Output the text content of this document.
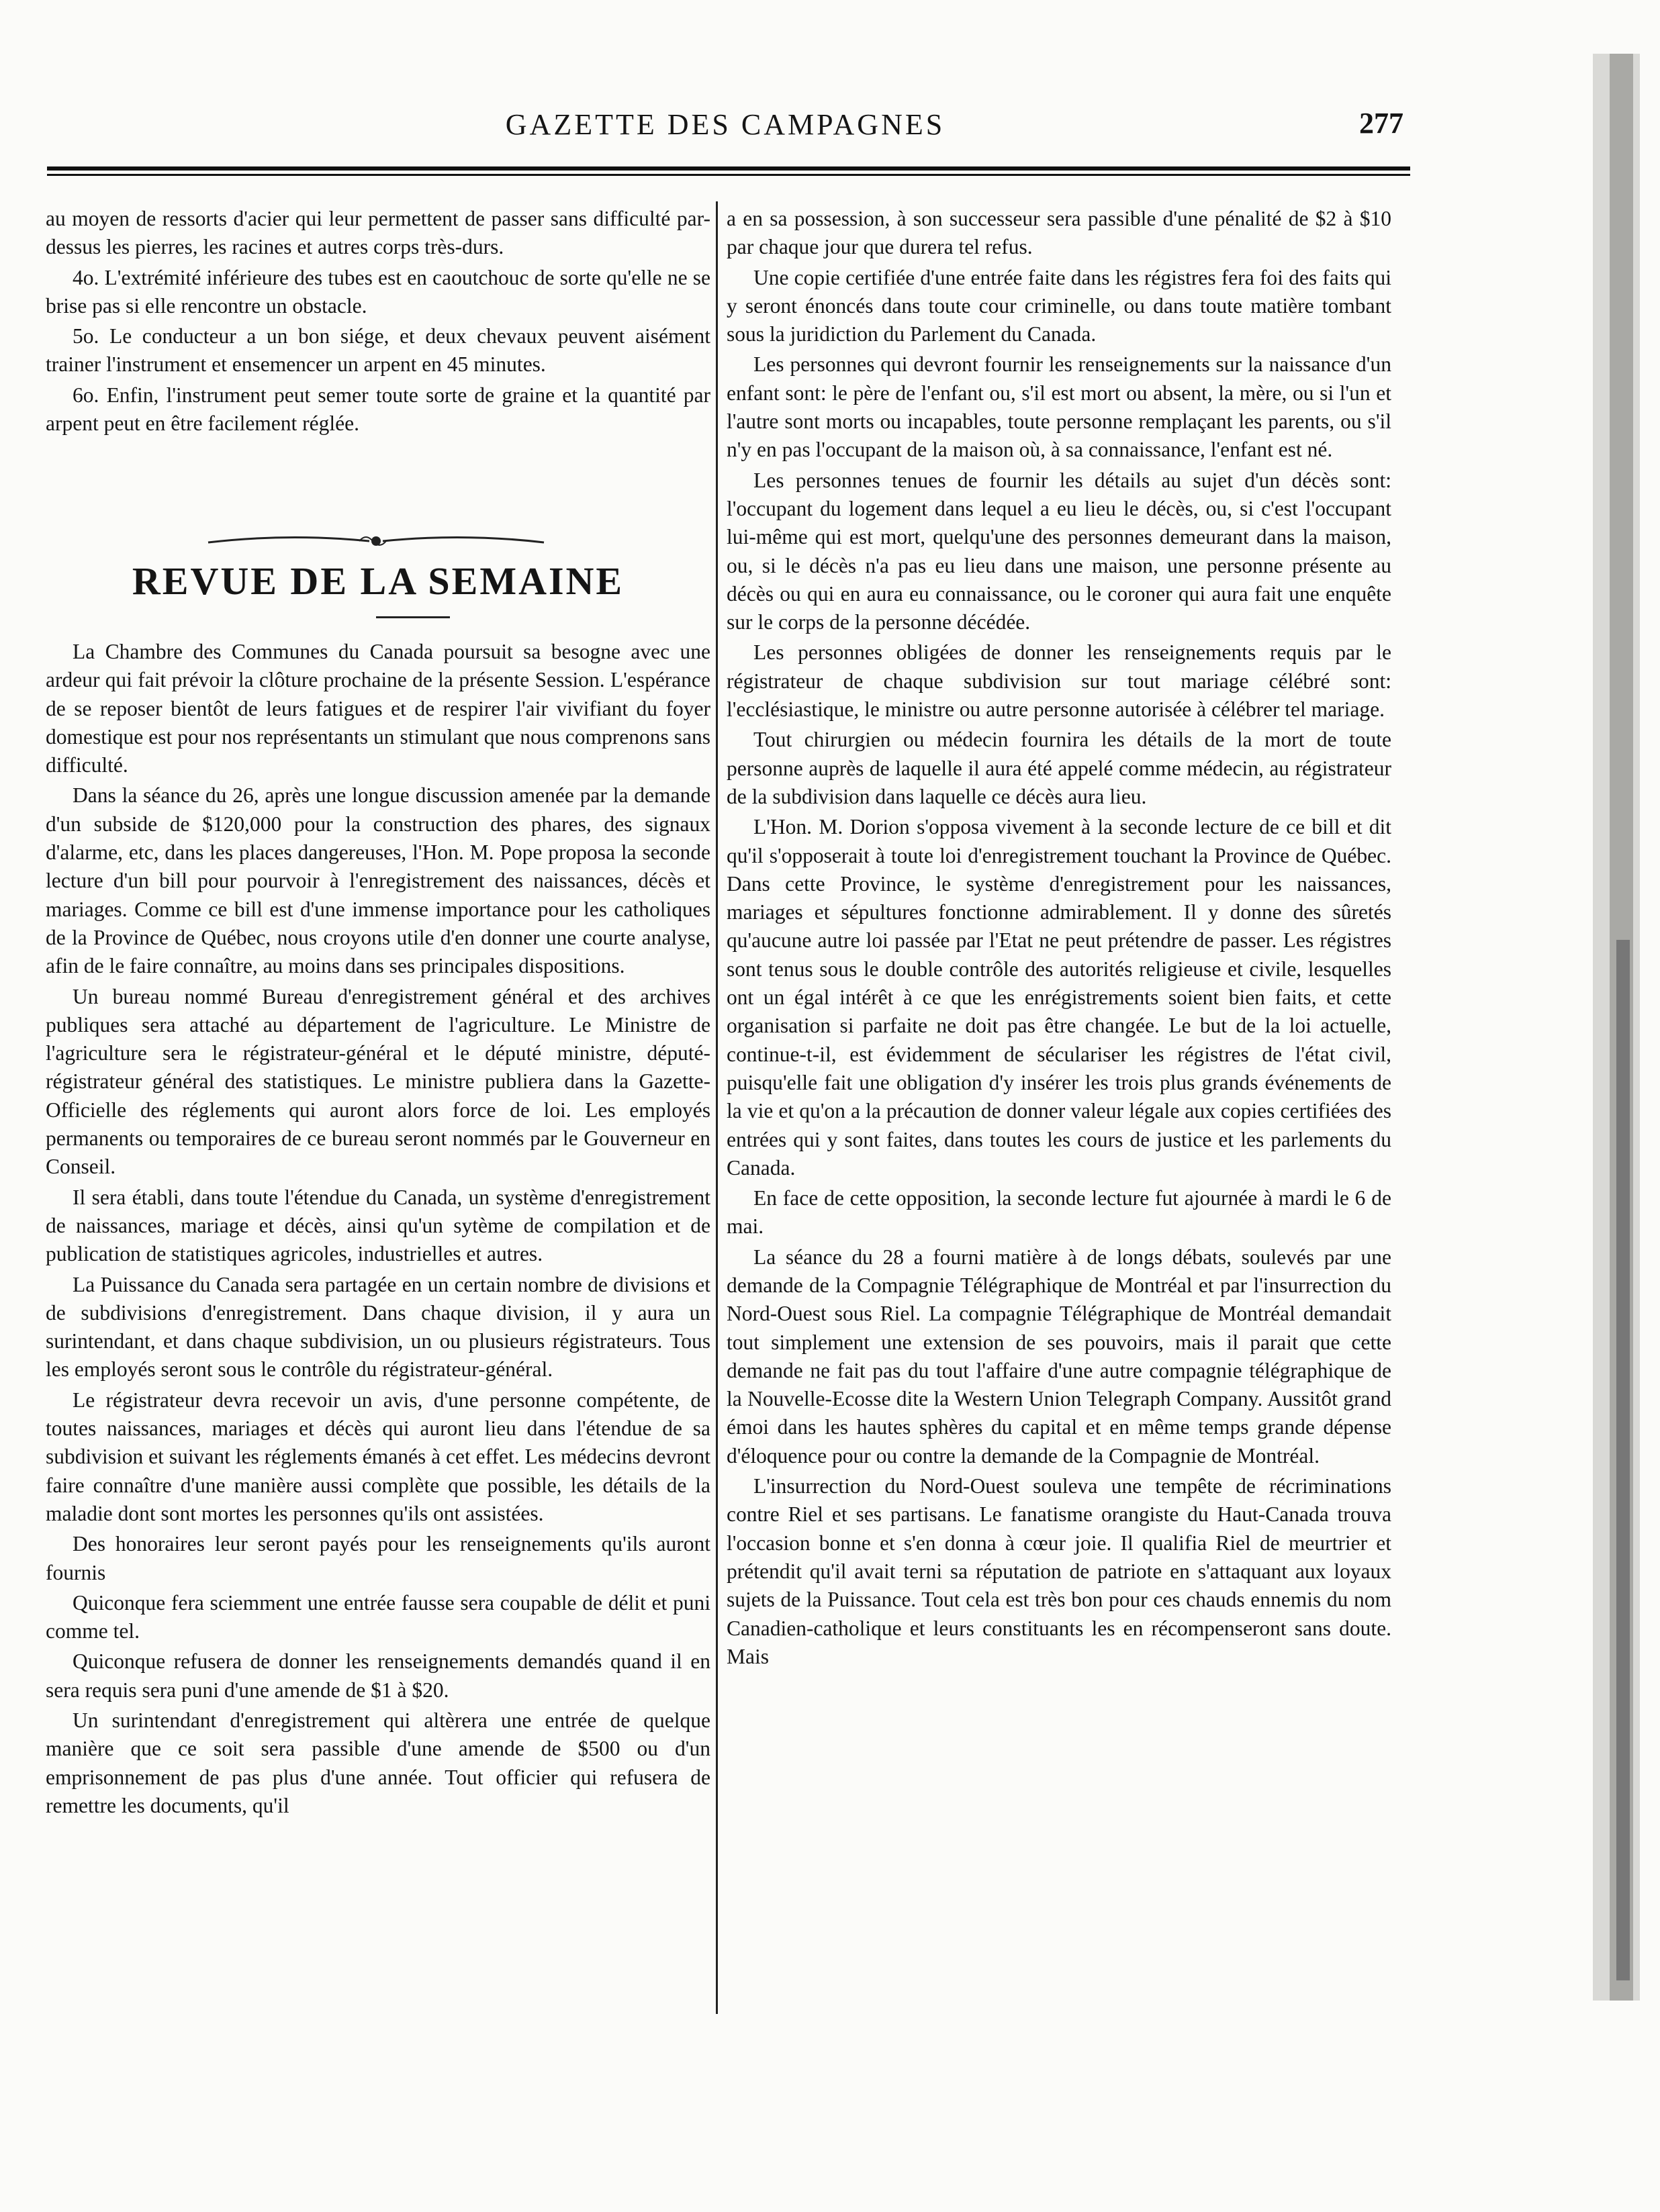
GAZETTE DES CAMPAGNES	277

au moyen de ressorts d'acier qui leur permettent de passer sans difficulté par-dessus les pierres, les racines et autres corps très-durs.

4o. L'extrémité inférieure des tubes est en caoutchouc de sorte qu'elle ne se brise pas si elle rencontre un obstacle.

5o. Le conducteur a un bon siége, et deux chevaux peuvent aisément trainer l'instrument et ensemencer un arpent en 45 minutes.

6o. Enfin, l'instrument peut semer toute sorte de graine et la quantité par arpent peut en être facilement réglée.

REVUE DE LA SEMAINE

La Chambre des Communes du Canada poursuit sa besogne avec une ardeur qui fait prévoir la clôture prochaine de la présente Session. L'espérance de se reposer bientôt de leurs fatigues et de respirer l'air vivifiant du foyer domestique est pour nos représentants un stimulant que nous comprenons sans difficulté.

Dans la séance du 26, après une longue discussion amenée par la demande d'un subside de $120,000 pour la construction des phares, des signaux d'alarme, etc, dans les places dangereuses, l'Hon. M. Pope proposa la seconde lecture d'un bill pour pourvoir à l'enregistrement des naissances, décès et mariages. Comme ce bill est d'une immense importance pour les catholiques de la Province de Québec, nous croyons utile d'en donner une courte analyse, afin de le faire connaître, au moins dans ses principales dispositions.

Un bureau nommé Bureau d'enregistrement général et des archives publiques sera attaché au département de l'agriculture. Le Ministre de l'agriculture sera le régistrateur-général et le député ministre, député-régistrateur général des statistiques. Le ministre publiera dans la Gazette-Officielle des réglements qui auront alors force de loi. Les employés permanents ou temporaires de ce bureau seront nommés par le Gouverneur en Conseil.

Il sera établi, dans toute l'étendue du Canada, un système d'enregistrement de naissances, mariage et décès, ainsi qu'un sytème de compilation et de publication de statistiques agricoles, industrielles et autres.

La Puissance du Canada sera partagée en un certain nombre de divisions et de subdivisions d'enregistrement. Dans chaque division, il y aura un surintendant, et dans chaque subdivision, un ou plusieurs régistrateurs. Tous les employés seront sous le contrôle du régistrateur-général.

Le régistrateur devra recevoir un avis, d'une personne compétente, de toutes naissances, mariages et décès qui auront lieu dans l'étendue de sa subdivision et suivant les réglements émanés à cet effet. Les médecins devront faire connaître d'une manière aussi complète que possible, les détails de la maladie dont sont mortes les personnes qu'ils ont assistées.

Des honoraires leur seront payés pour les renseignements qu'ils auront fournis

Quiconque fera sciemment une entrée fausse sera coupable de délit et puni comme tel.

Quiconque refusera de donner les renseignements demandés quand il en sera requis sera puni d'une amende de $1 à $20.

Un surintendant d'enregistrement qui altèrera une entrée de quelque manière que ce soit sera passible d'une amende de $500 ou d'un emprisonnement de pas plus d'une année. Tout officier qui refusera de remettre les documents, qu'il

a en sa possession, à son successeur sera passible d'une pénalité de $2 à $10 par chaque jour que durera tel refus.

Une copie certifiée d'une entrée faite dans les régistres fera foi des faits qui y seront énoncés dans toute cour criminelle, ou dans toute matière tombant sous la juridiction du Parlement du Canada.

Les personnes qui devront fournir les renseignements sur la naissance d'un enfant sont: le père de l'enfant ou, s'il est mort ou absent, la mère, ou si l'un et l'autre sont morts ou incapables, toute personne remplaçant les parents, ou s'il n'y en pas l'occupant de la maison où, à sa connaissance, l'enfant est né.

Les personnes tenues de fournir les détails au sujet d'un décès sont: l'occupant du logement dans lequel a eu lieu le décès, ou, si c'est l'occupant lui-même qui est mort, quelqu'une des personnes demeurant dans la maison, ou, si le décès n'a pas eu lieu dans une maison, une personne présente au décès ou qui en aura eu connaissance, ou le coroner qui aura fait une enquête sur le corps de la personne décédée.

Les personnes obligées de donner les renseignements requis par le régistrateur de chaque subdivision sur tout mariage célébré sont: l'ecclésiastique, le ministre ou autre personne autorisée à célébrer tel mariage.

Tout chirurgien ou médecin fournira les détails de la mort de toute personne auprès de laquelle il aura été appelé comme médecin, au régistrateur de la subdivision dans laquelle ce décès aura lieu.

L'Hon. M. Dorion s'opposa vivement à la seconde lecture de ce bill et dit qu'il s'opposerait à toute loi d'enregistrement touchant la Province de Québec. Dans cette Province, le système d'enregistrement pour les naissances, mariages et sépultures fonctionne admirablement. Il y donne des sûretés qu'aucune autre loi passée par l'Etat ne peut prétendre de passer. Les régistres sont tenus sous le double contrôle des autorités religieuse et civile, lesquelles ont un égal intérêt à ce que les enrégistrements soient bien faits, et cette organisation si parfaite ne doit pas être changée. Le but de la loi actuelle, continue-t-il, est évidemment de séculariser les régistres de l'état civil, puisqu'elle fait une obligation d'y insérer les trois plus grands événements de la vie et qu'on a la précaution de donner valeur légale aux copies certifiées des entrées qui y sont faites, dans toutes les cours de justice et les parlements du Canada.

En face de cette opposition, la seconde lecture fut ajournée à mardi le 6 de mai.

La séance du 28 a fourni matière à de longs débats, soulevés par une demande de la Compagnie Télégraphique de Montréal et par l'insurrection du Nord-Ouest sous Riel. La compagnie Télégraphique de Montréal demandait tout simplement une extension de ses pouvoirs, mais il parait que cette demande ne fait pas du tout l'affaire d'une autre compagnie télégraphique de la Nouvelle-Ecosse dite la Western Union Telegraph Company. Aussitôt grand émoi dans les hautes sphères du capital et en même temps grande dépense d'éloquence pour ou contre la demande de la Compagnie de Montréal.

L'insurrection du Nord-Ouest souleva une tempête de récriminations contre Riel et ses partisans. Le fanatisme orangiste du Haut-Canada trouva l'occasion bonne et s'en donna à cœur joie. Il qualifia Riel de meurtrier et prétendit qu'il avait terni sa réputation de patriote en s'attaquant aux loyaux sujets de la Puissance. Tout cela est très bon pour ces chauds ennemis du nom Canadien-catholique et leurs constituants les en récompenseront sans doute. Mais
